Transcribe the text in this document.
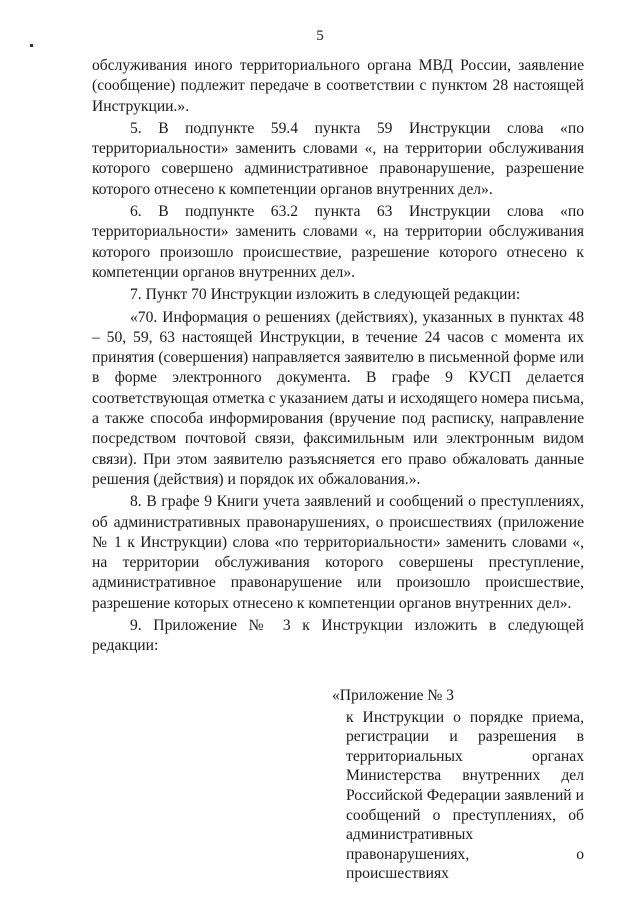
5

обслуживания иного территориального органа МВД России, заявление (сообщение) подлежит передаче в соответствии с пунктом 28 настоящей Инструкции.».

5. В подпункте 59.4 пункта 59 Инструкции слова «по территориальности» заменить словами «, на территории обслуживания которого совершено административное правонарушение, разрешение которого отнесено к компетенции органов внутренних дел».

6. В подпункте 63.2 пункта 63 Инструкции слова «по территориальности» заменить словами «, на территории обслуживания которого произошло происшествие, разрешение которого отнесено к компетенции органов внутренних дел».

7. Пункт 70 Инструкции изложить в следующей редакции:

«70. Информация о решениях (действиях), указанных в пунктах 48 – 50, 59, 63 настоящей Инструкции, в течение 24 часов с момента их принятия (совершения) направляется заявителю в письменной форме или в форме электронного документа. В графе 9 КУСП делается соответствующая отметка с указанием даты и исходящего номера письма, а также способа информирования (вручение под расписку, направление посредством почтовой связи, факсимильным или электронным видом связи). При этом заявителю разъясняется его право обжаловать данные решения (действия) и порядок их обжалования.».

8. В графе 9 Книги учета заявлений и сообщений о преступлениях, об административных правонарушениях, о происшествиях (приложение № 1 к Инструкции) слова «по территориальности» заменить словами «, на территории обслуживания которого совершены преступление, административное правонарушение или произошло происшествие, разрешение которых отнесено к компетенции органов внутренних дел».

9. Приложение № 3 к Инструкции изложить в следующей редакции:

«Приложение № 3
к Инструкции о порядке приема, регистрации и разрешения в территориальных органах Министерства внутренних дел Российской Федерации заявлений и сообщений о преступлениях, об административных правонарушениях, о происшествиях
